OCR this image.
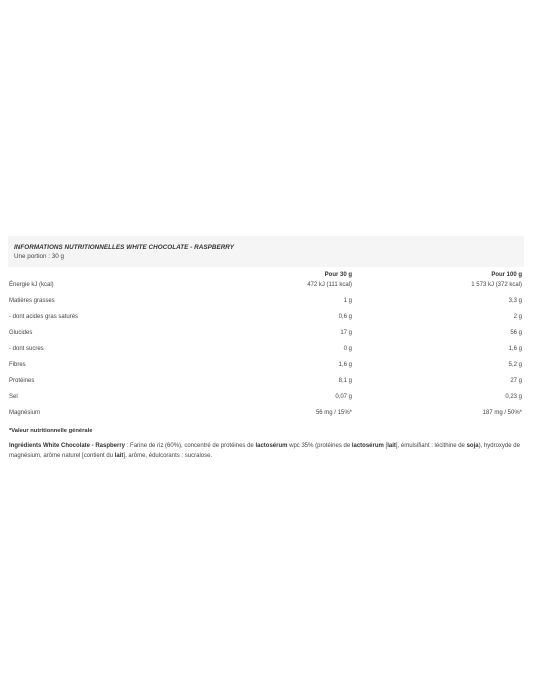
INFORMATIONS NUTRITIONNELLES WHITE CHOCOLATE - RASPBERRY
Une portion : 30 g
	Pour 30 g	Pour 100 g
Énergie kJ (kcal)	472 kJ (111 kcal)	1 573 kJ (372 kcal)
Matières grasses	1 g	3,3 g
- dont acides gras saturés	0,6 g	2 g
Glucides	17 g	56 g
- dont sucres	0 g	1,6 g
Fibres	1,6 g	5,2 g
Protéines	8,1 g	27 g
Sel	0,07 g	0,23 g
Magnésium	56 mg / 15%*	187 mg / 50%*
*Valeur nutritionnelle générale
Ingrédients White Chocolate - Raspberry : Farine de riz (60%), concentré de protéines de lactosérum wpc 35% (protéines de lactosérum [lait], émulsifiant : lécithine de soja), hydroxyde de magnésium, arôme naturel [contient du lait], arôme, édulcorants : sucralose.
